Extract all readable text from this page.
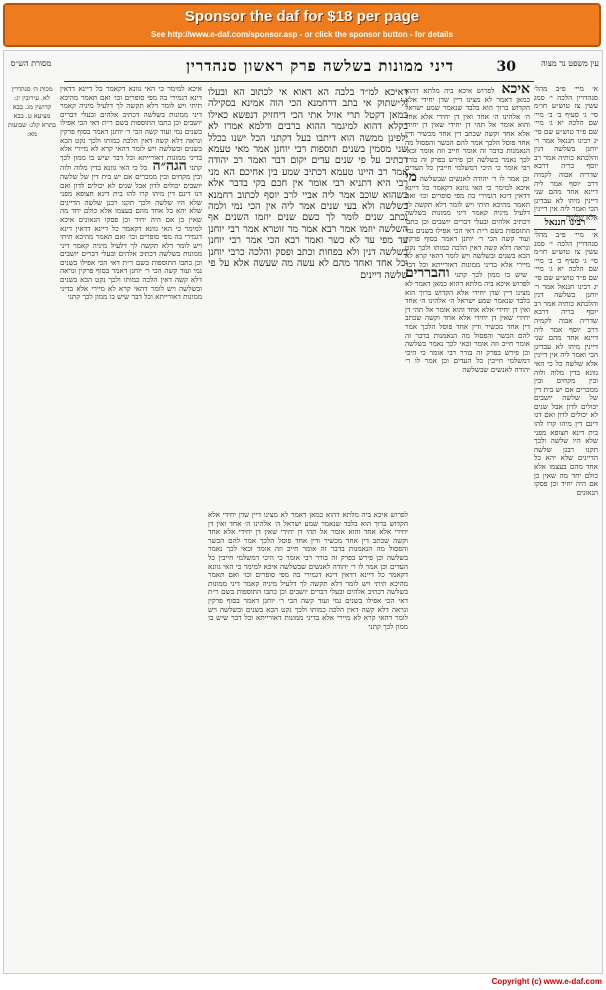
Sponsor the daf for $18 per page
See http://www.e-daf.com/sponsor.asp - or click the sponsor button - for details
עין משפט נר מצוה
30
דיני ממונות בשלשה פרק ראשון סנהדרין
מסורת הש״ס
איכא לפרוש איכא ביה מלתא דהוא כמאן דאמר לא מצינו דיין שדן יחידי אלא הקדוש ברוך הוא בלבד שנאמר שמע ישראל ה׳ אלהינו ה׳ אחד ואין דן יחידי אלא אחד והוא אומר אל תהי דן יחידי שאין דן יחידי אלא אחד וקשה שכתב דין אחד מכשיר ודין אחד פוסל הלכך אמר להם הכשר והפסול מה הנאמנות בדבר זה אומר חייב וזה אומר זכאי לכך נאמר בשלשה וכן פירש בפרק זה בורר רבי אומר כי היכי דמשלמי חייבין כל העדים וכן אמר לו ר׳ יהודה לאנשים שבשלשה מי איכא למימר כי האי גוונא דקאמר כל דיינא דדאין דינא דגמירי בה מפי סופרים וכו׳ ואם תאמר מהיכא תיתי ויש לומר דלא תקשה לך דלעיל מיניה קאמר דיני ממונות בשלשה דכתיב אלהים ובעלי דברים יושבים וכן כתבו התוספות בשם ר״ת דאי הכי אפילו בשנים נמי ועוד קשה הכי ר׳ יוחנן דאמר בסוף פרקין ונראה דלא קשה דאין הלכה כמותו ולכך נקט הכא בשנים ובשלשה ויש לומר דהאי קרא לא מיירי אלא בדיני ממונות דאורייתא וכל דבר שיש בו ממון לכך קתני והבררים לפרוש איכא ביה מלתא דהוא כמאן דאמר לא מצינו דיין שדן יחידי אלא הקדוש ברוך הוא בלבד שנאמר שמע ישראל ה׳ אלהינו ה׳ אחד ואין דן יחידי אלא אחד והוא אומר אל תהי דן יחידי שאין דן יחידי אלא אחד וקשה שכתב דין אחד מכשיר ודין אחד פוסל הלכך אמר להם הכשר והפסול מה הנאמנות בדבר זה אומר חייב וזה אומר זכאי לכך נאמר בשלשה וכן פירש בפרק זה בורר רבי אומר כי היכי דמשלמי חייבין כל העדים וכן אמר לו ר׳ יהודה לאנשים שבשלשה
דאיכא למ״ד בלבה הא דאוא אי לכתוב הא ובעלו ול״שתוק אי בתב דרחמנא הכי הוה אמינא בסקילה כמאן דקטל תרי אזיל אתי הכי דיחזיק דנפשא כאילו בקלא דהוא למיגמר ההוא ברבים ודלמא אמרו לא ילפינן ממשה הוא דיתבו בעל דקתני הכל ישנו בכלל שני מסמין בשנים תוספות רבי יוחנן אמר מאי טעמא דכתיב על פי שנים עדים יקום דבר ואמר רב יהודה אמר רב היינו טעמא דכתיב שמע בין אחיכם הא מני רבי היא דתניא רבי אומר אין חכם בקי בדבר אלא כשהוא שוכב אמר ליה אביי לרב יוסף לכתוב רחמנא בשלשה ולא בעי שנים אמר ליה אין הכי נמי ולמה נכתב שנים לומר לך כשם שנים יוזמו השנים אף השלשה יוזמו אמר רבא אמר מר זוטרא אמר רבי יוחנן עד מפי עד לא כשר ואמר רבא הכי אמר רבי יוחנן בשלשה דנין ולא בפחות וכתב ופסק והלכה כרבי יוחנן וכל אחד ואחד מהם לא עשה מה שעשה אלא על פי שלשה דיינים
איכא למימר כי האי גוונא דקאמר כל דיינא דדאין דינא דגמירי בה מפי סופרים וכו׳ ואם תאמר מהיכא תיתי ויש לומר דלא תקשה לך דלעיל מיניה קאמר דיני ממונות בשלשה דכתיב אלהים ובעלי דברים יושבים וכן כתבו התוספות בשם ר״ת דאי הכי אפילו בשנים נמי ועוד קשה הכי ר׳ יוחנן דאמר בסוף פרקין ונראה דלא קשה דאין הלכה כמותו ולכך נקט הכא בשנים ובשלשה ויש לומר דהאי קרא לא מיירי אלא בדיני ממונות דאורייתא וכל דבר שיש בו ממון לכך קתני הגה״ה כל כי האי גוונא בדין מלוה ולוה ובין מקחים ובין ממכרים אם יש בית דין של שלשה יושבים יכולים לדון אבל שנים לא יכולים לדון ואם דנו דינם דין מיהו קרו להו בית דינא חצופא מפני שלא היו שלשה ולכך תקנו רבנן שלשה הדיינים שלא יהא כל אחד מהם בעצמו אלא כולם יחד מה שאין כן אם היה יחיד וכן פסקו הגאונים איכא למימר כי האי גוונא דקאמר כל דיינא דדאין דינא דגמירי בה מפי סופרים וכו׳ ואם תאמר מהיכא תיתי ויש לומר דלא תקשה לך דלעיל מיניה קאמר דיני ממונות בשלשה דכתיב אלהים ובעלי דברים יושבים וכן כתבו התוספות בשם ר״ת דאי הכי אפילו בשנים נמי ועוד קשה הכי ר׳ יוחנן דאמר בסוף פרקין ונראה דלא קשה דאין הלכה כמותו ולכך נקט הכא בשנים ובשלשה ויש לומר דהאי קרא לא מיירי אלא בדיני ממונות דאורייתא וכל דבר שיש בו ממון לכך קתני
לפרוש איכא ביה מלתא דהוא כמאן דאמר לא מצינו דיין שדן יחידי אלא הקדוש ברוך הוא בלבד שנאמר שמע ישראל ה׳ אלהינו ה׳ אחד ואין דן יחידי אלא אחד והוא אומר אל תהי דן יחידי שאין דן יחידי אלא אחד וקשה שכתב דין אחד מכשיר ודין אחד פוסל הלכך אמר להם הכשר והפסול מה הנאמנות בדבר זה אומר חייב וזה אומר זכאי לכך נאמר בשלשה וכן פירש בפרק זה בורר רבי אומר כי היכי דמשלמי חייבין כל העדים וכן אמר לו ר׳ יהודה לאנשים שבשלשה איכא למימר כי האי גוונא דקאמר כל דיינא דדאין דינא דגמירי בה מפי סופרים וכו׳ ואם תאמר מהיכא תיתי ויש לומר דלא תקשה לך דלעיל מיניה קאמר דיני ממונות בשלשה דכתיב אלהים ובעלי דברים יושבים וכן כתבו התוספות בשם ר״ת דאי הכי אפילו בשנים נמי ועוד קשה הכי ר׳ יוחנן דאמר בסוף פרקין ונראה דלא קשה דאין הלכה כמותו ולכך נקט הכא בשנים ובשלשה ויש לומר דהאי קרא לא מיירי אלא בדיני ממונות דאורייתא וכל דבר שיש בו ממון לכך קתני
א׳ מיי׳ פ״ב מהל׳ סנהדרין הלכה י׳ סמג עשין צז טוש״ע חו״מ סי׳ ג׳ סעיף ב׳ ב׳ מיי׳ שם הלכה יא ג׳ מיי׳ שם פ״ד טוש״ע שם סי׳ יג רבינו חננאל אמר ר׳ יוחנן בשלשה דנין והלכתא כותיה אמר רב יוסף בריה דרבא שדריה אבוה לקמיה דרב יוסף אמר ליה דיינא אחד מהם שני דיינין מיהו לא עבדינן הכי ואמר ליה אין דיינין אלא שלשה
רבינו חננאל
א׳ מיי׳ פ״ב מהל׳ סנהדרין הלכה י׳ סמג עשין צז טוש״ע חו״מ סי׳ ג׳ סעיף ב׳ ב׳ מיי׳ שם הלכה יא ג׳ מיי׳ שם פ״ד טוש״ע שם סי׳ יג רבינו חננאל אמר ר׳ יוחנן בשלשה דנין והלכתא כותיה אמר רב יוסף בריה דרבא שדריה אבוה לקמיה דרב יוסף אמר ליה דיינא אחד מהם שני דיינין מיהו לא עבדינן הכי ואמר ליה אין דיינין אלא שלשה כל כי האי גוונא בדין מלוה ולוה ובין מקחים ובין ממכרים אם יש בית דין של שלשה יושבים יכולים לדון אבל שנים לא יכולים לדון ואם דנו דינם דין מיהו קרו להו בית דינא חצופא מפני שלא היו שלשה ולכך תקנו רבנן שלשה הדיינים שלא יהא כל אחד מהם בעצמו אלא כולם יחד מה שאין כן אם היה יחיד וכן פסקו הגאונים
מכות ה׳ סנהדרין לא. עירובין יג: קדושין מג. בבא מציעא ט. בבא בתרא קלג: שבועות מא:
Copyright (c) www.e-daf.com
